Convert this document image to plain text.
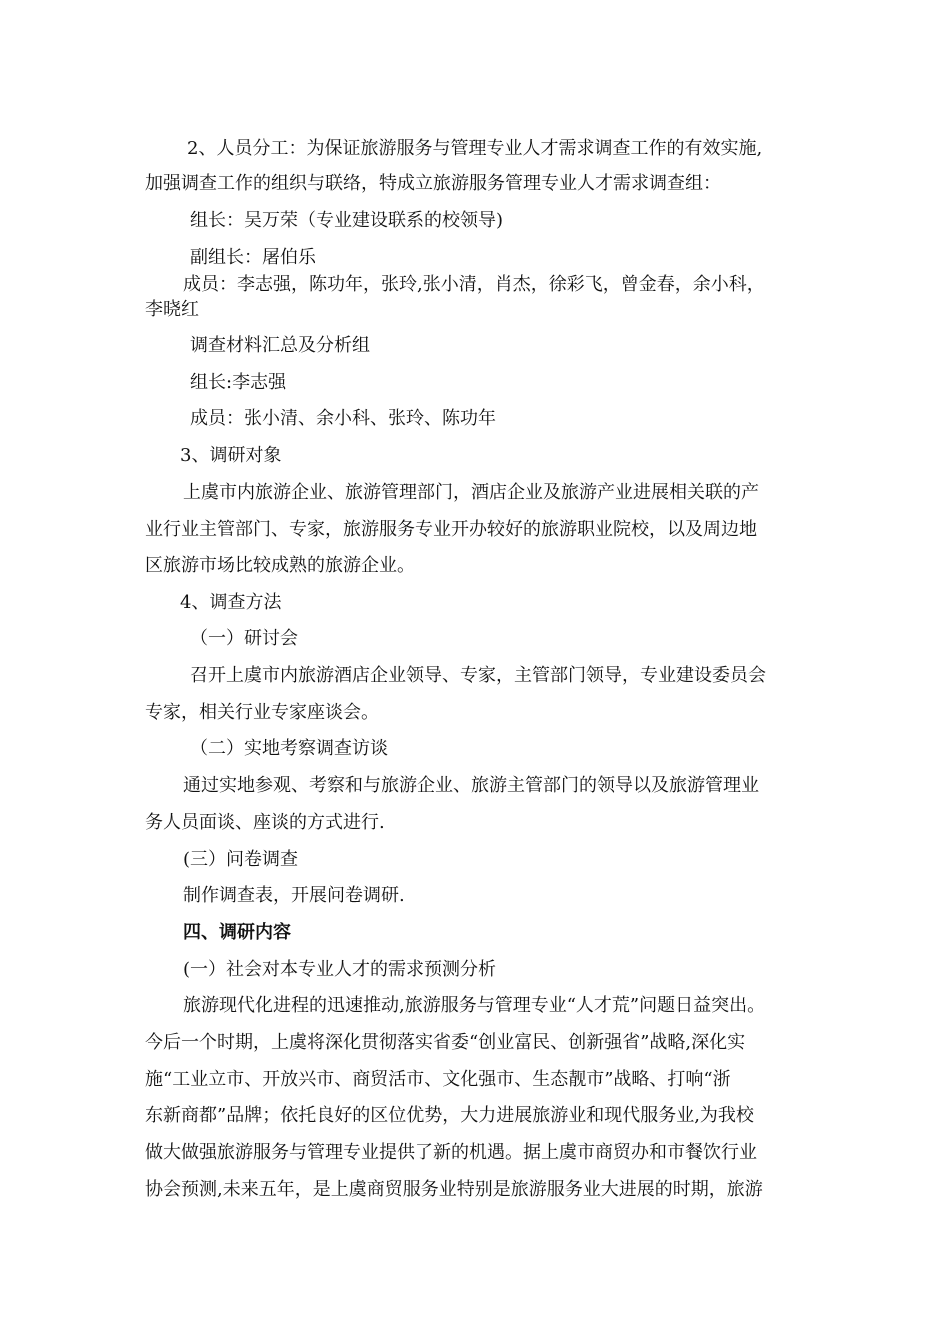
2、人员分工：为保证旅游服务与管理专业人才需求调查工作的有效实施,

加强调查工作的组织与联络，特成立旅游服务管理专业人才需求调查组：

组长：吴万荣（专业建设联系的校领导)

副组长：屠伯乐

成员：李志强，陈功年，张玲,张小清，肖杰，徐彩飞，曾金春，余小科，

李晓红

调查材料汇总及分析组

组长:李志强

成员：张小清、余小科、张玲、陈功年

3、调研对象

上虞市内旅游企业、旅游管理部门，酒店企业及旅游产业进展相关联的产

业行业主管部门、专家，旅游服务专业开办较好的旅游职业院校，以及周边地

区旅游市场比较成熟的旅游企业。

4、调查方法

（一）研讨会

召开上虞市内旅游酒店企业领导、专家，主管部门领导，专业建设委员会

专家，相关行业专家座谈会。

（二）实地考察调查访谈

通过实地参观、考察和与旅游企业、旅游主管部门的领导以及旅游管理业

务人员面谈、座谈的方式进行.

(三）问卷调查

制作调查表，开展问卷调研.

四、调研内容

(一）社会对本专业人才的需求预测分析

旅游现代化进程的迅速推动,旅游服务与管理专业“人才荒”问题日益突出。

今后一个时期，上虞将深化贯彻落实省委“创业富民、创新强省”战略,深化实

施“工业立市、开放兴市、商贸活市、文化强市、生态靓市”战略、打响“浙

东新商都”品牌；依托良好的区位优势，大力进展旅游业和现代服务业,为我校

做大做强旅游服务与管理专业提供了新的机遇。据上虞市商贸办和市餐饮行业

协会预测,未来五年，是上虞商贸服务业特别是旅游服务业大进展的时期，旅游
